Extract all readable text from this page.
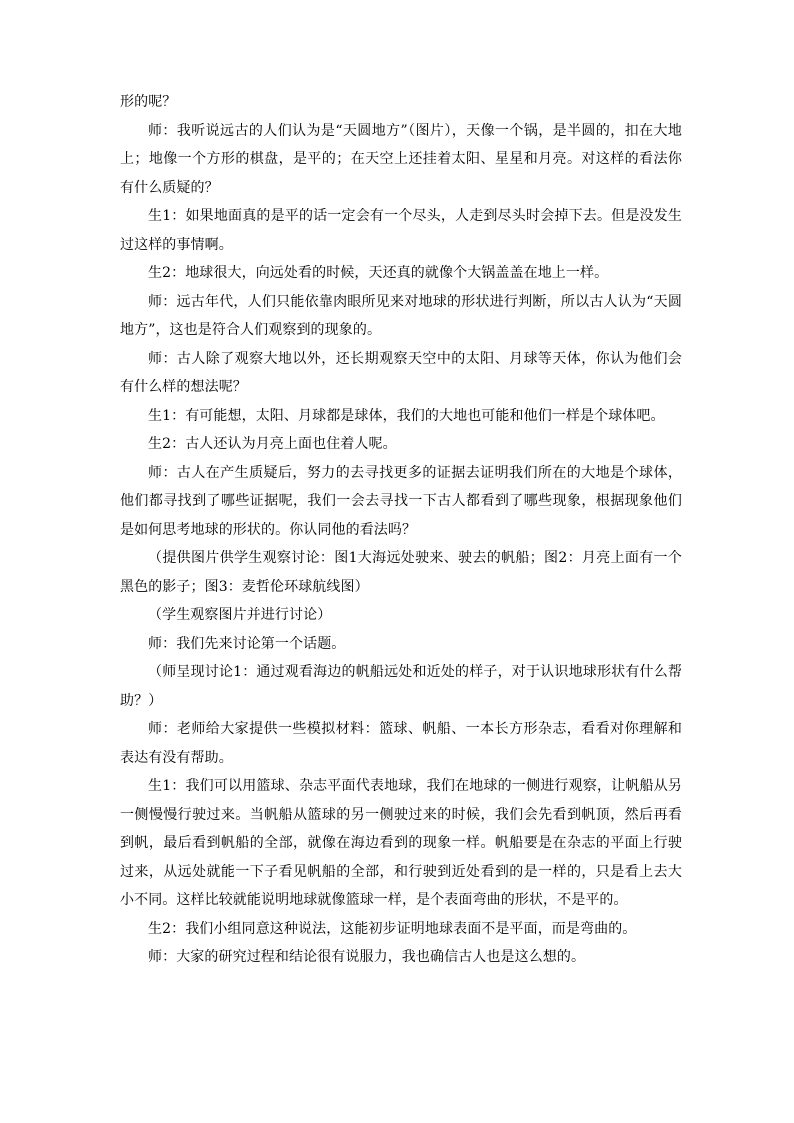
形的呢？

师：我听说远古的人们认为是“天圆地方”（图片），天像一个锅，是半圆的，扣在大地上；地像一个方形的棋盘，是平的；在天空上还挂着太阳、星星和月亮。对这样的看法你有什么质疑的？

生1：如果地面真的是平的话一定会有一个尽头，人走到尽头时会掉下去。但是没发生过这样的事情啊。

生2：地球很大，向远处看的时候，天还真的就像个大锅盖盖在地上一样。

师：远古年代，人们只能依靠肉眼所见来对地球的形状进行判断，所以古人认为“天圆地方”，这也是符合人们观察到的现象的。

师：古人除了观察大地以外，还长期观察天空中的太阳、月球等天体，你认为他们会有什么样的想法呢？

生1：有可能想，太阳、月球都是球体，我们的大地也可能和他们一样是个球体吧。

生2：古人还认为月亮上面也住着人呢。

师：古人在产生质疑后，努力的去寻找更多的证据去证明我们所在的大地是个球体，他们都寻找到了哪些证据呢，我们一会去寻找一下古人都看到了哪些现象，根据现象他们是如何思考地球的形状的。你认同他的看法吗？

（提供图片供学生观察讨论：图1大海远处驶来、驶去的帆船；图2：月亮上面有一个黑色的影子；图3：麦哲伦环球航线图）

（学生观察图片并进行讨论）

师：我们先来讨论第一个话题。

（师呈现讨论1：通过观看海边的帆船远处和近处的样子，对于认识地球形状有什么帮助？）

师：老师给大家提供一些模拟材料：篮球、帆船、一本长方形杂志，看看对你理解和表达有没有帮助。

生1：我们可以用篮球、杂志平面代表地球，我们在地球的一侧进行观察，让帆船从另一侧慢慢行驶过来。当帆船从篮球的另一侧驶过来的时候，我们会先看到帆顶，然后再看到帆，最后看到帆船的全部，就像在海边看到的现象一样。帆船要是在杂志的平面上行驶过来，从远处就能一下子看见帆船的全部，和行驶到近处看到的是一样的，只是看上去大小不同。这样比较就能说明地球就像篮球一样，是个表面弯曲的形状，不是平的。

生2：我们小组同意这种说法，这能初步证明地球表面不是平面，而是弯曲的。

师：大家的研究过程和结论很有说服力，我也确信古人也是这么想的。
